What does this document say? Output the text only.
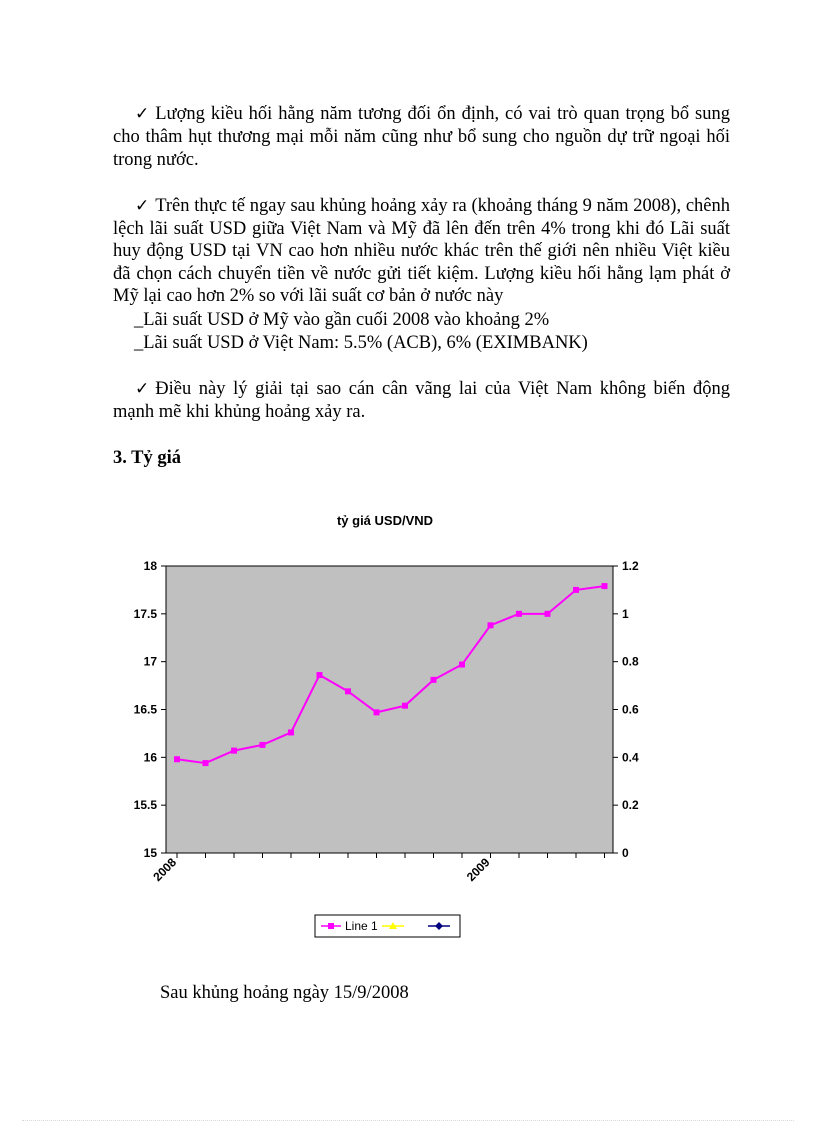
✓ Lượng kiều hối hằng năm tương đối ổn định, có vai trò quan trọng bổ sung

cho thâm hụt thương mại mỗi năm cũng như bổ sung cho nguồn dự trữ ngoại hối

trong nước.

✓ Trên thực tế ngay sau khủng hoảng xảy ra (khoảng tháng 9 năm 2008), chênh lệch lãi suất USD giữa Việt Nam và Mỹ đã lên đến trên 4% trong khi đó Lãi suất huy động USD tại VN cao hơn nhiều nước khác trên thế giới nên nhiều Việt kiều đã chọn cách chuyển tiền về nước gửi tiết kiệm. Lượng kiều hối hằng lạm phát ở Mỹ lại cao hơn 2% so với lãi suất cơ bản ở nước này

_Lãi suất USD ở Mỹ vào gần cuối 2008 vào khoảng 2%

_Lãi suất USD ở Việt Nam: 5.5% (ACB), 6% (EXIMBANK)

✓ Điều này lý giải tại sao cán cân vãng lai của Việt Nam không biến động mạnh mẽ khi khủng hoảng xảy ra.

3. Tỷ giá

tỷ giá USD/VND
15
15.5
16
16.5
17
17.5
18
0
0.2
0.4
0.6
0.8
1
1.2
2008	2009
Line 1

Sau khủng hoảng ngày 15/9/2008
